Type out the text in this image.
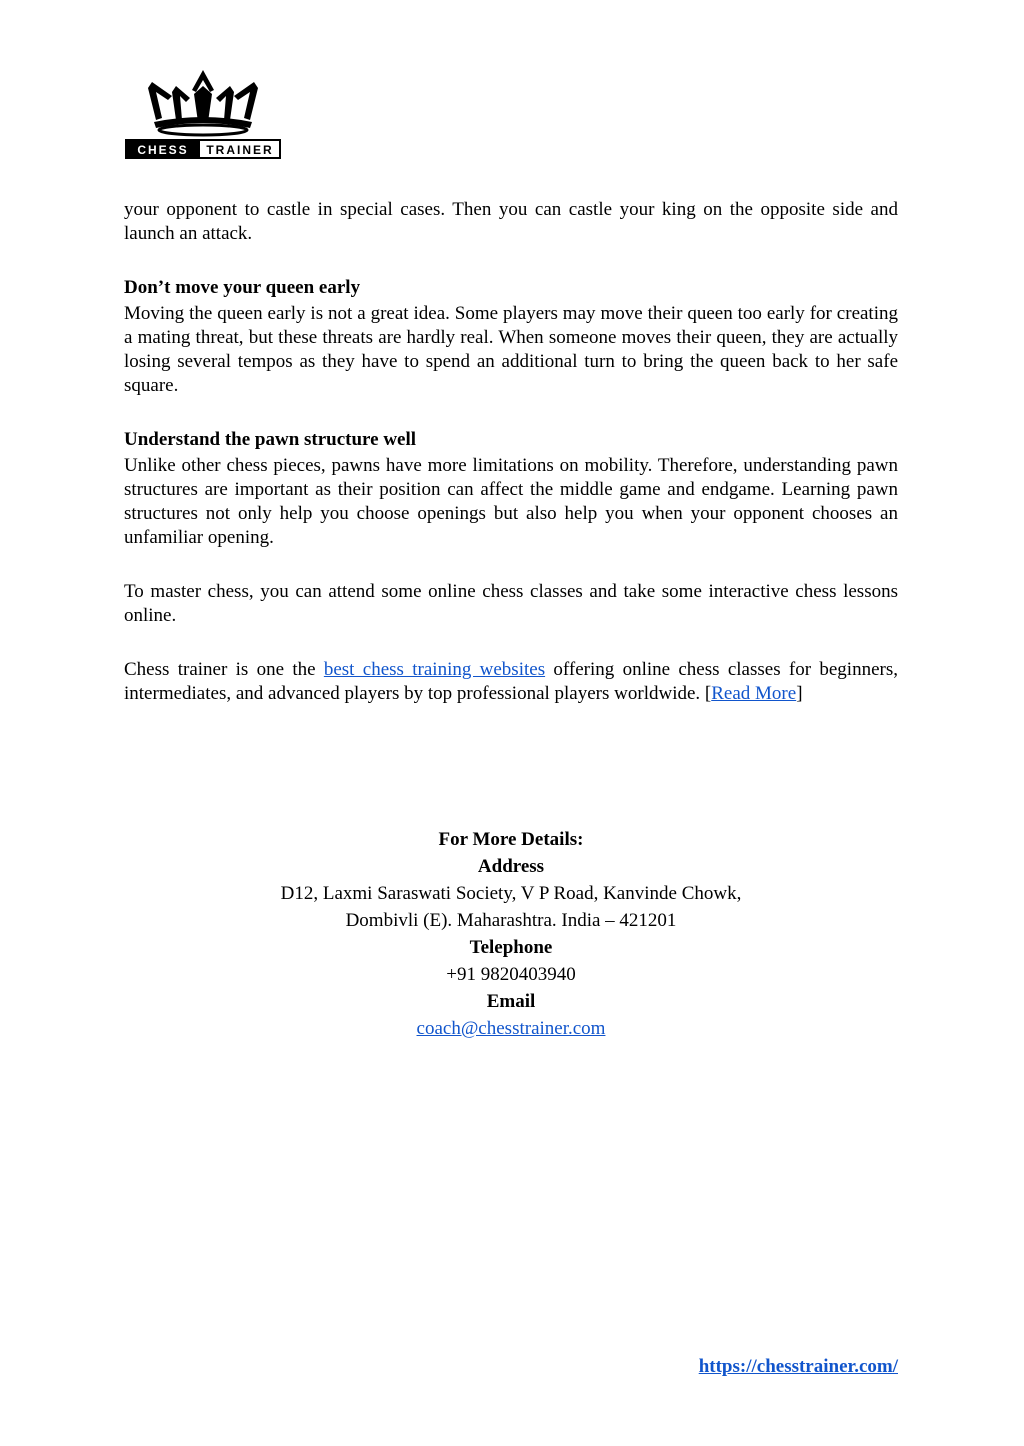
CHESS TRAINER

your opponent to castle in special cases. Then you can castle your king on the opposite side and launch an attack.

Don’t move your queen early

Moving the queen early is not a great idea. Some players may move their queen too early for creating a mating threat, but these threats are hardly real. When someone moves their queen, they are actually losing several tempos as they have to spend an additional turn to bring the queen back to her safe square.

Understand the pawn structure well

Unlike other chess pieces, pawns have more limitations on mobility. Therefore, understanding pawn structures are important as their position can affect the middle game and endgame. Learning pawn structures not only help you choose openings but also help you when your opponent chooses an unfamiliar opening.

To master chess, you can attend some online chess classes and take some interactive chess lessons online.

Chess trainer is one the best chess training websites offering online chess classes for beginners, intermediates, and advanced players by top professional players worldwide. [Read More]

For More Details:
Address
D12, Laxmi Saraswati Society, V P Road, Kanvinde Chowk,
Dombivli (E). Maharashtra. India – 421201
Telephone
+91 9820403940
Email
coach@chesstrainer.com
https://chesstrainer.com/
